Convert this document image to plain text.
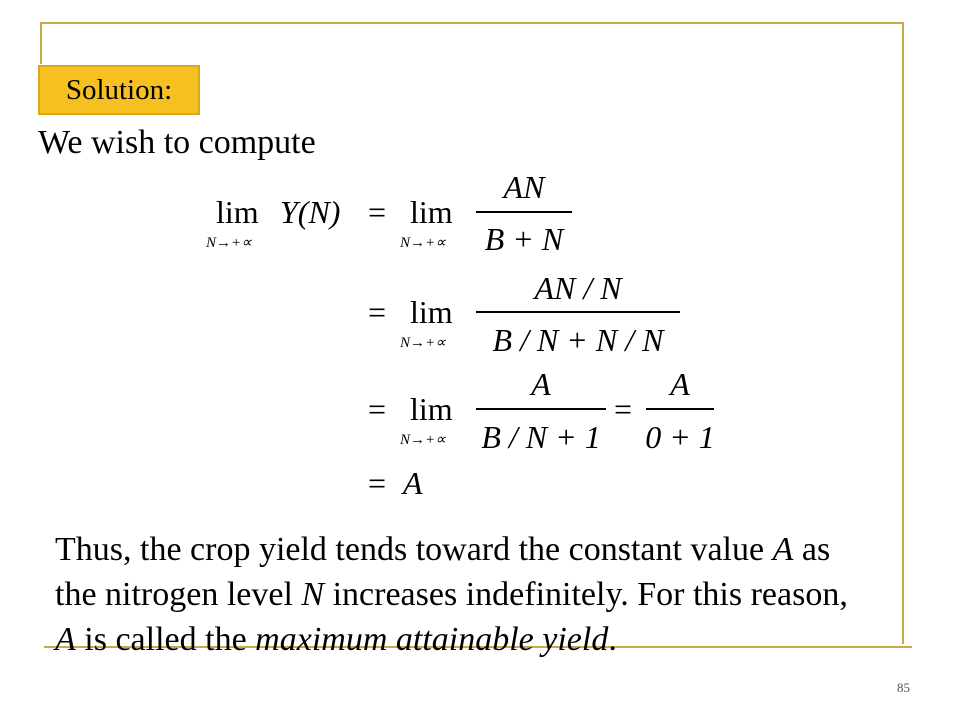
Solution:

We wish to compute

lim
N→+∝
Y(N) = lim
N→+∝
AN
B + N
= lim
N→+∝
AN / N
B / N + N / N
= lim
N→+∝
A
B / N + 1
=
A
0 + 1
= A
Thus, the crop yield tends toward the constant value A as
the nitrogen level N increases indefinitely. For this reason,
A is called the maximum attainable yield.
85
